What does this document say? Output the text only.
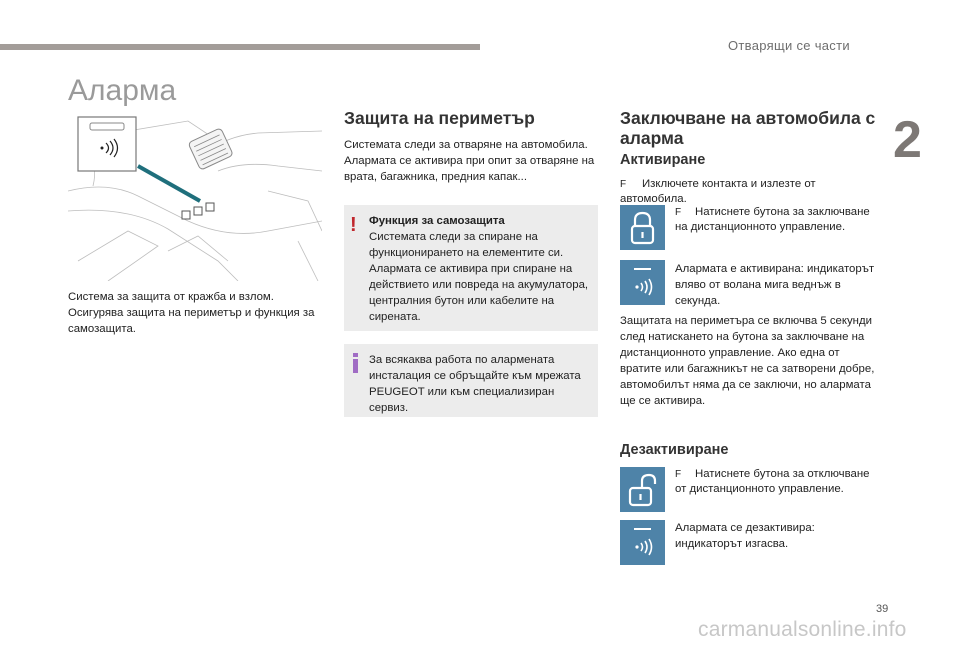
Отварящи се части
2
Аларма
Система за защита от кражба и взлом. Осигурява защита на периметър и функция за самозащита.
Защита на периметър
Системата следи за отваряне на автомобила. Алармата се активира при опит за отваряне на врата, багажника, предния капак...
! Функция за самозащита
Системата следи за спиране на функционирането на елементите си. Алармата се активира при спиране на действието или повреда на акумулатора, централния бутон или кабелите на сирената.
За всякаква работа по алармената инсталация се обръщайте към мрежата PEUGEOT или към специализиран сервиз.
Заключване на автомобила с аларма
Активиране
F Изключете контакта и излезте от автомобила.
F Натиснете бутона за заключване на дистанционното управление.
Алармата е активирана: индикаторът вляво от волана мига веднъж в секунда.
Защитата на периметъра се включва 5 секунди след натискането на бутона за заключване на дистанционното управление. Ако една от вратите или багажникът не са затворени добре, автомобилът няма да се заключи, но алармата ще се активира.
Дезактивиране
F Натиснете бутона за отключване от дистанционното управление.
Алармата се дезактивира: индикаторът изгасва.
39
carmanualsonline.info
